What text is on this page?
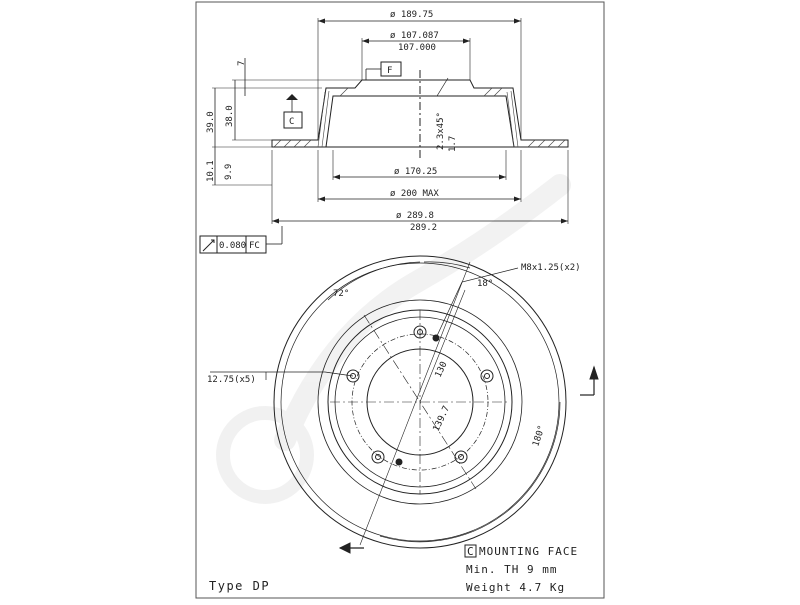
ø 189.75
ø 107.087
107.000
F
C
7
39.0 38.0	2.3x45° 1.7
10.1 9.9	ø 170.25
ø 200 MAX
ø 289.8
289.2
0.080 FC
72°
18°
M8x1.25(x2)
12.75(x5)
130
139.7
180°
C MOUNTING FACE
Min. TH 9 mm
Weight 4.7 Kg
Type DP
